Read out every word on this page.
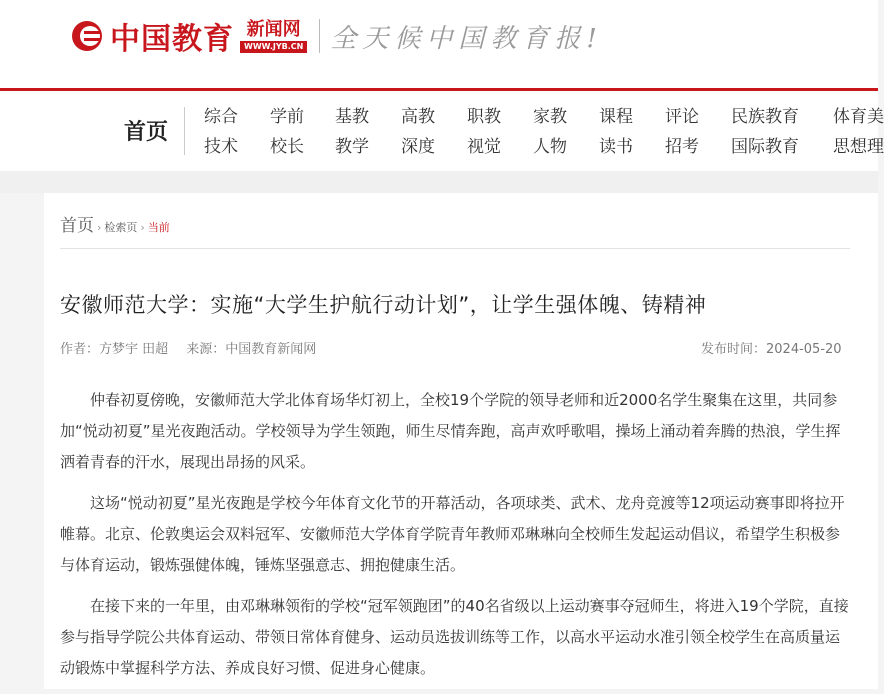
中国教育 新闻网
WWW.JYB.CN 全天候中国教育报!
首页
综合 学前 基教 高教 职教 家教 课程 评论 民族教育 体育美
技术 校长 教学 深度 视觉 人物 读书 招考 国际教育 思想理
首页 › 检索页 › 当前
安徽师范大学：实施“大学生护航行动计划”，让学生强体魄、铸精神
作者：方梦宇 田超 来源：中国教育新闻网	发布时间：2024-05-20

仲春初夏傍晚，安徽师范大学北体育场华灯初上，全校19个学院的领导老师和近2000名学生聚集在这里，共同参加“悦动初夏”星光夜跑活动。学校领导为学生领跑，师生尽情奔跑，高声欢呼歌唱，操场上涌动着奔腾的热浪，学生挥洒着青春的汗水，展现出昂扬的风采。

这场“悦动初夏”星光夜跑是学校今年体育文化节的开幕活动，各项球类、武术、龙舟竞渡等12项运动赛事即将拉开帷幕。北京、伦敦奥运会双料冠军、安徽师范大学体育学院青年教师邓琳琳向全校师生发起运动倡议，希望学生积极参与体育运动，锻炼强健体魄，锤炼坚强意志、拥抱健康生活。

在接下来的一年里，由邓琳琳领衔的学校“冠军领跑团”的40名省级以上运动赛事夺冠师生，将进入19个学院，直接参与指导学院公共体育运动、带领日常体育健身、运动员选拔训练等工作，以高水平运动水准引领全校学生在高质量运动锻炼中掌握科学方法、养成良好习惯、促进身心健康。
